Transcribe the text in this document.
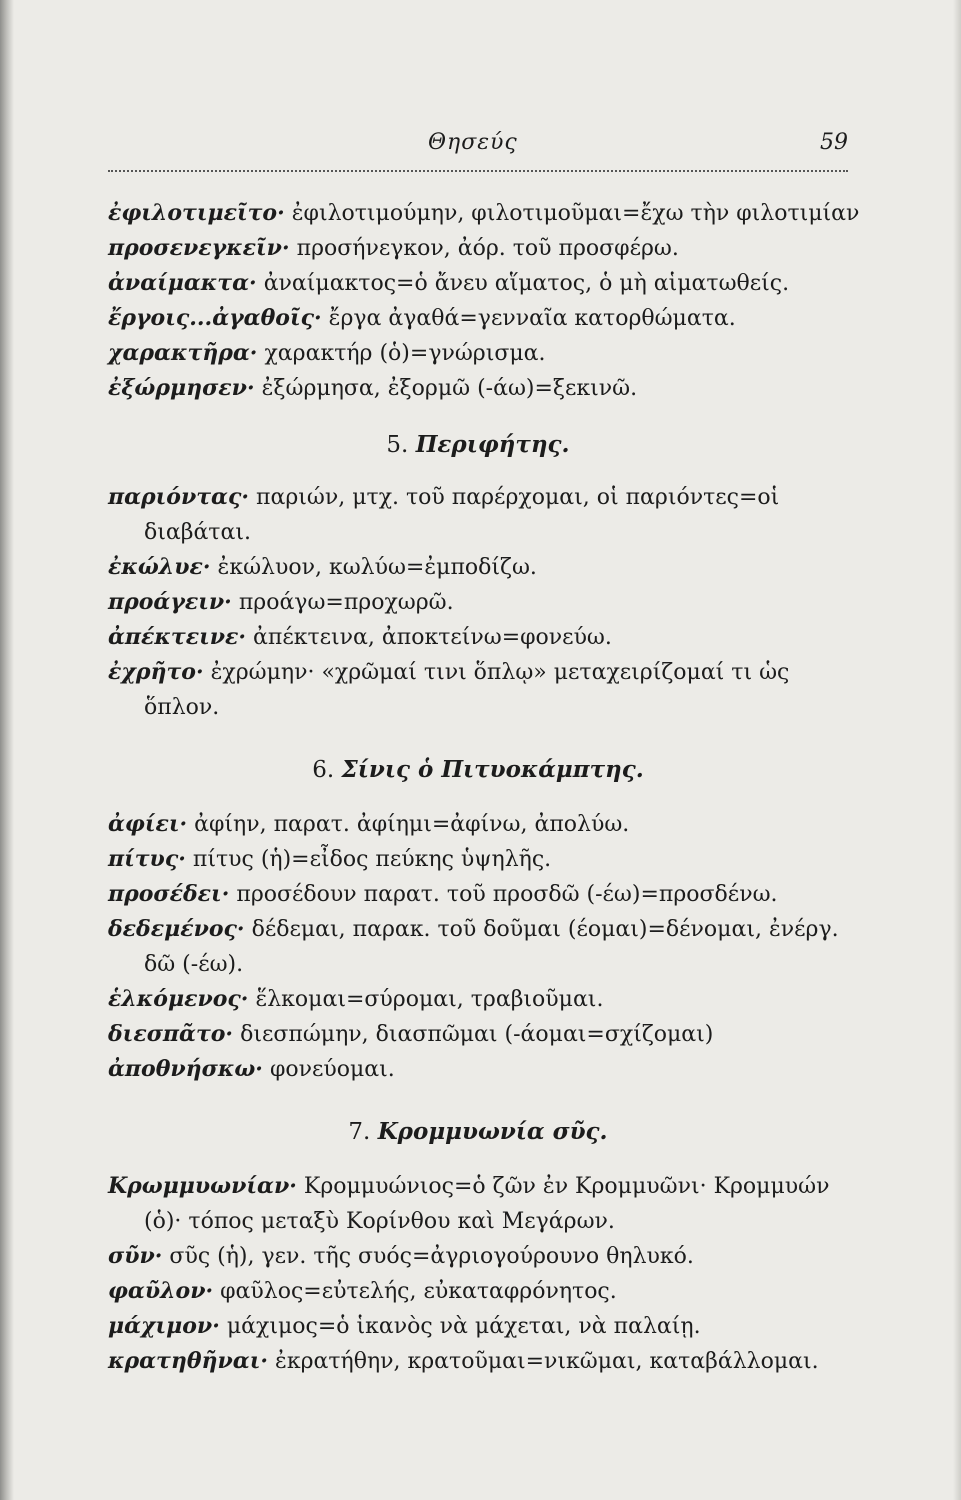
Θησεύς	59

ἐφιλοτιμεῖτο· ἐφιλοτιμούμην, φιλοτιμοῦμαι=ἔχω τὴν φιλοτιμίαν

προσενεγκεῖν· προσήνεγκον, ἀόρ. τοῦ προσφέρω.

ἀναίμακτα· ἀναίμακτος=ὁ ἄνευ αἵματος, ὁ μὴ αἱματωθείς.

ἔργοις...ἀγαθοῖς· ἔργα ἀγαθά=γενναῖα κατορθώματα.

χαρακτῆρα· χαρακτήρ (ὁ)=γνώρισμα.

ἐξώρμησεν· ἐξώρμησα, ἐξορμῶ (-άω)=ξεκινῶ.

5. Περιφήτης.

παριόντας· παριών, μτχ. τοῦ παρέρχομαι, οἱ παριόντες=οἱ διαβάται.

ἐκώλυε· ἐκώλυον, κωλύω=ἐμποδίζω.

προάγειν· προάγω=προχωρῶ.

ἀπέκτεινε· ἀπέκτεινα, ἀποκτείνω=φονεύω.

ἐχρῆτο· ἐχρώμην· «χρῶμαί τινι ὅπλῳ» μεταχειρίζομαί τι ὡς ὅπλον.

6. Σίνις ὁ Πιτυοκάμπτης.

ἀφίει· ἀφίην, παρατ. ἀφίημι=ἀφίνω, ἀπολύω.

πίτυς· πίτυς (ἡ)=εἶδος πεύκης ὑψηλῆς.

προσέδει· προσέδουν παρατ. τοῦ προσδῶ (-έω)=προσδένω.

δεδεμένος· δέδεμαι, παρακ. τοῦ δοῦμαι (έομαι)=δένομαι, ἐνέργ. δῶ (-έω).

ἑλκόμενος· ἕλκομαι=σύρομαι, τραβιοῦμαι.

διεσπᾶτο· διεσπώμην, διασπῶμαι (-άομαι=σχίζομαι)

ἀποθνήσκω· φονεύομαι.

7. Κρομμυωνία σῦς.

Κρωμμυωνίαν· Κρομμυώνιος=ὁ ζῶν ἐν Κρομμυῶνι· Κρομμυών (ὁ)· τόπος μεταξὺ Κορίνθου καὶ Μεγάρων.

σῦν· σῦς (ἡ), γεν. τῆς συός=ἀγριογούρουνο θηλυκό.

φαῦλον· φαῦλος=εὐτελής, εὐκαταφρόνητος.

μάχιμον· μάχιμος=ὁ ἱκανὸς νὰ μάχεται, νὰ παλαίῃ.

κρατηθῆναι· ἐκρατήθην, κρατοῦμαι=νικῶμαι, καταβάλλομαι.
